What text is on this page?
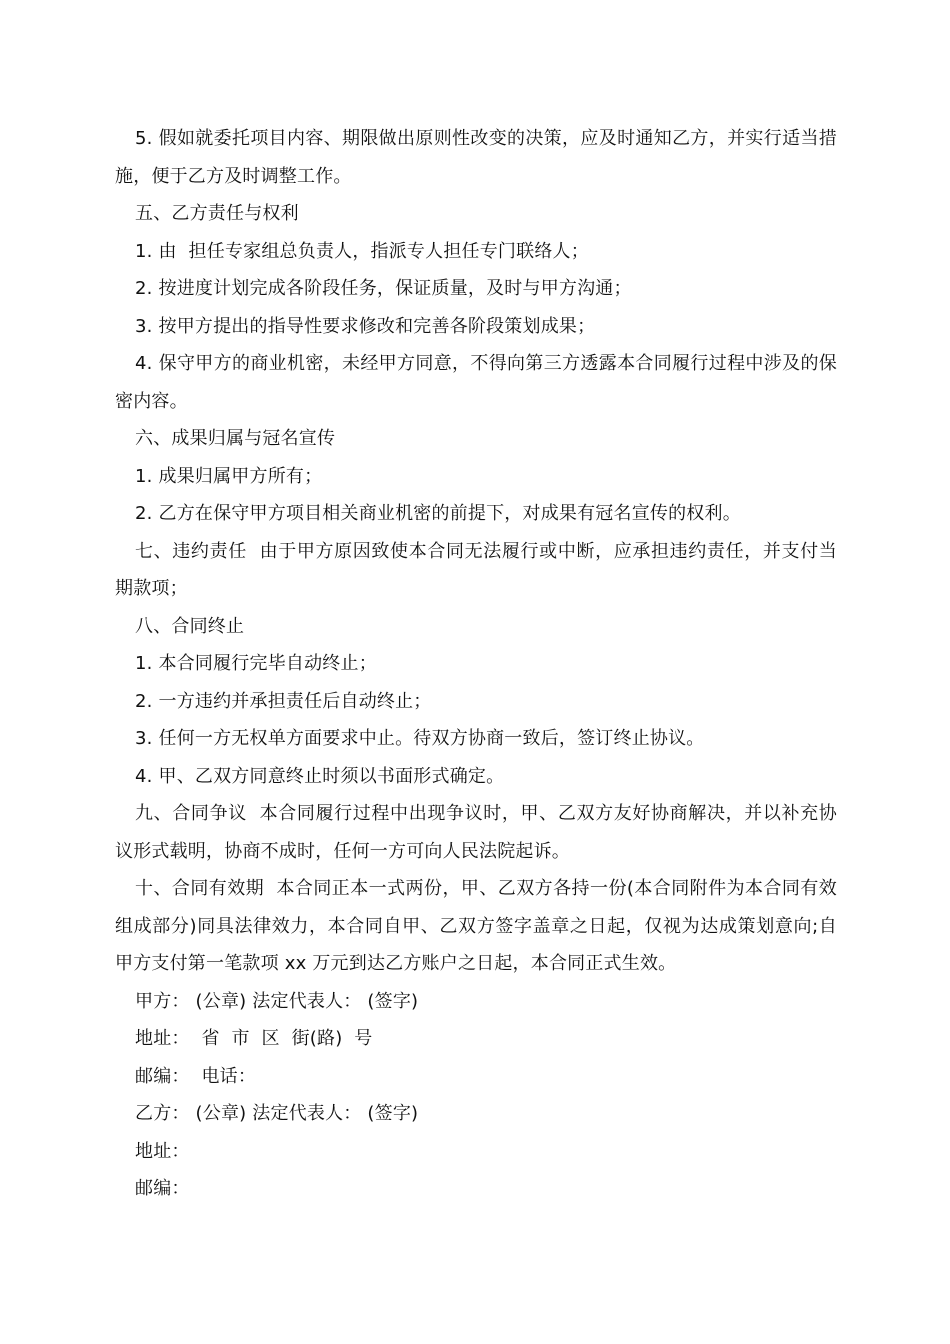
5. 假如就委托项目内容、期限做出原则性改变的决策，应及时通知乙方，并实行适当措施，便于乙方及时调整工作。

五、乙方责任与权利

1. 由  担任专家组总负责人，指派专人担任专门联络人；

2. 按进度计划完成各阶段任务，保证质量，及时与甲方沟通；

3. 按甲方提出的指导性要求修改和完善各阶段策划成果；

4. 保守甲方的商业机密，未经甲方同意，不得向第三方透露本合同履行过程中涉及的保密内容。

六、成果归属与冠名宣传

1. 成果归属甲方所有；

2. 乙方在保守甲方项目相关商业机密的前提下，对成果有冠名宣传的权利。

七、违约责任  由于甲方原因致使本合同无法履行或中断，应承担违约责任，并支付当期款项；

八、合同终止

1. 本合同履行完毕自动终止；

2. 一方违约并承担责任后自动终止；

3. 任何一方无权单方面要求中止。待双方协商一致后，签订终止协议。

4. 甲、乙双方同意终止时须以书面形式确定。

九、合同争议  本合同履行过程中出现争议时，甲、乙双方友好协商解决，并以补充协议形式载明，协商不成时，任何一方可向人民法院起诉。

十、合同有效期  本合同正本一式两份，甲、乙双方各持一份(本合同附件为本合同有效组成部分)同具法律效力，本合同自甲、乙双方签字盖章之日起，仅视为达成策划意向;自甲方支付第一笔款项 xx 万元到达乙方账户之日起，本合同正式生效。

甲方： (公章) 法定代表人： (签字)

地址：  省  市  区  街(路)  号

邮编：  电话：

乙方： (公章) 法定代表人： (签字)

地址：

邮编：
